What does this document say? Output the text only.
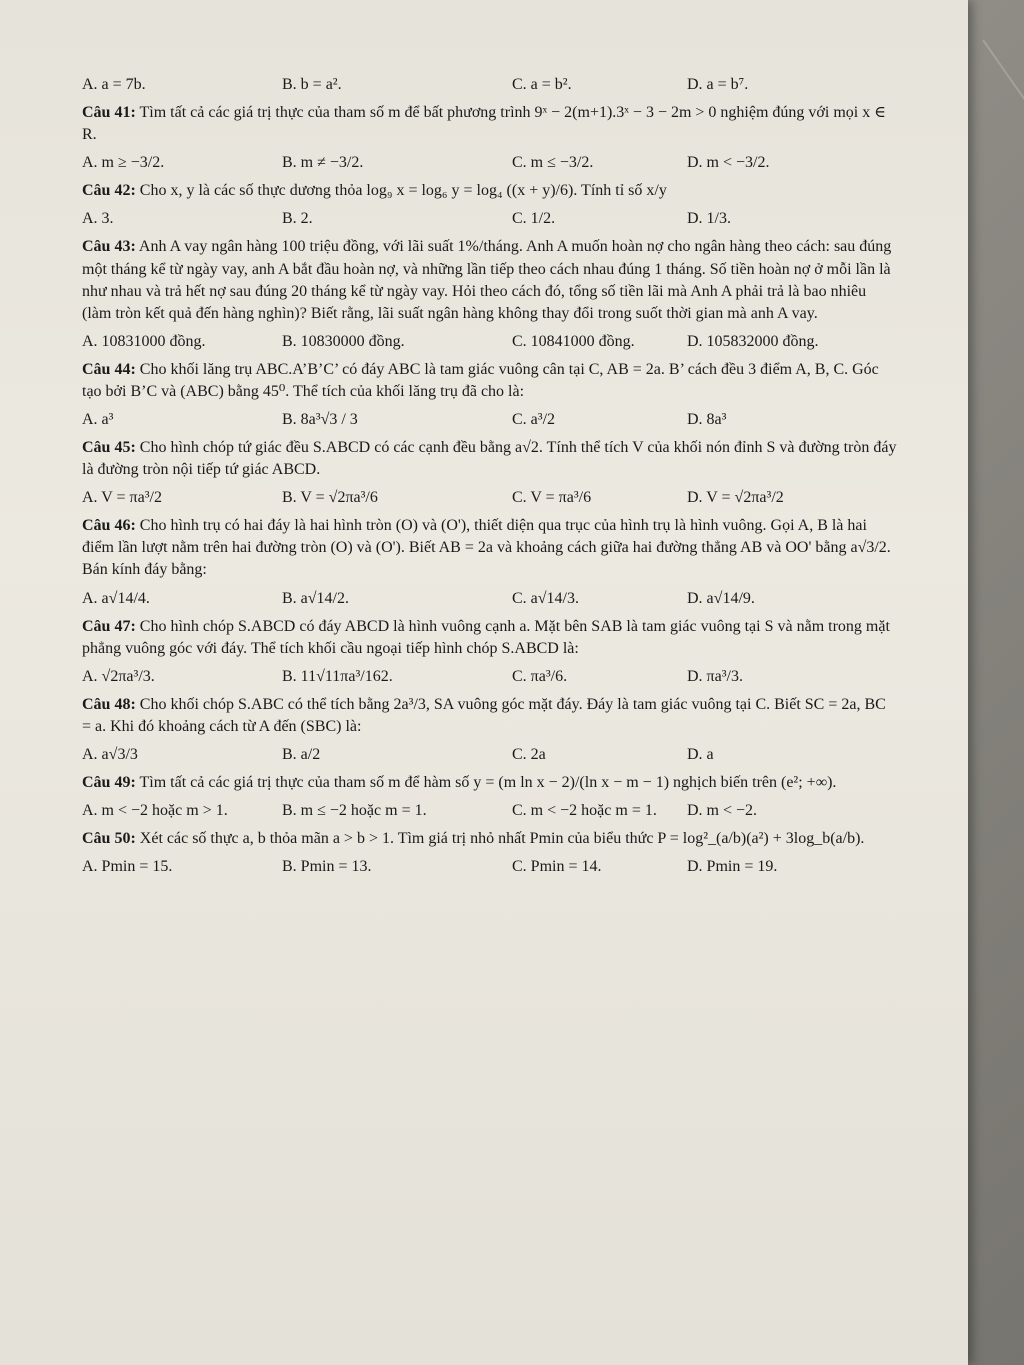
A. a = 7b.	B. b = a².	C. a = b².	D. a = b⁷.
Câu 41: Tìm tất cả các giá trị thực của tham số m để bất phương trình 9ˣ − 2(m+1).3ˣ − 3 − 2m > 0 nghiệm đúng với mọi x ∈ R.
A. m ≥ −3/2.	B. m ≠ −3/2.	C. m ≤ −3/2.	D. m < −3/2.
Câu 42: Cho x, y là các số thực dương thỏa log₉ x = log₆ y = log₄ ((x + y)/6). Tính tỉ số x/y
A. 3.	B. 2.	C. 1/2.	D. 1/3.
Câu 43: Anh A vay ngân hàng 100 triệu đồng, với lãi suất 1%/tháng. Anh A muốn hoàn nợ cho ngân hàng theo cách: sau đúng một tháng kể từ ngày vay, anh A bắt đầu hoàn nợ, và những lần tiếp theo cách nhau đúng 1 tháng. Số tiền hoàn nợ ở mỗi lần là như nhau và trả hết nợ sau đúng 20 tháng kể từ ngày vay. Hỏi theo cách đó, tổng số tiền lãi mà Anh A phải trả là bao nhiêu (làm tròn kết quả đến hàng nghìn)? Biết rằng, lãi suất ngân hàng không thay đổi trong suốt thời gian mà anh A vay.
A. 10831000 đồng.	B. 10830000 đồng.	C. 10841000 đồng.	D. 105832000 đồng.
Câu 44: Cho khối lăng trụ ABC.A’B’C’ có đáy ABC là tam giác vuông cân tại C, AB = 2a. B’ cách đều 3 điểm A, B, C. Góc tạo bởi B’C và (ABC) bằng 45⁰. Thể tích của khối lăng trụ đã cho là:
A. a³	B. 8a³√3 / 3	C. a³/2	D. 8a³
Câu 45: Cho hình chóp tứ giác đều S.ABCD có các cạnh đều bằng a√2. Tính thể tích V của khối nón đỉnh S và đường tròn đáy là đường tròn nội tiếp tứ giác ABCD.
A. V = πa³/2	B. V = √2πa³/6	C. V = πa³/6	D. V = √2πa³/2
Câu 46: Cho hình trụ có hai đáy là hai hình tròn (O) và (O'), thiết diện qua trục của hình trụ là hình vuông. Gọi A, B là hai điểm lần lượt nằm trên hai đường tròn (O) và (O'). Biết AB = 2a và khoảng cách giữa hai đường thẳng AB và OO' bằng a√3/2. Bán kính đáy bằng:
A. a√14/4.	B. a√14/2.	C. a√14/3.	D. a√14/9.
Câu 47: Cho hình chóp S.ABCD có đáy ABCD là hình vuông cạnh a. Mặt bên SAB là tam giác vuông tại S và nằm trong mặt phẳng vuông góc với đáy. Thể tích khối cầu ngoại tiếp hình chóp S.ABCD là:
A. √2πa³/3.	B. 11√11πa³/162.	C. πa³/6.	D. πa³/3.
Câu 48: Cho khối chóp S.ABC có thể tích bằng 2a³/3, SA vuông góc mặt đáy. Đáy là tam giác vuông tại C. Biết SC = 2a, BC = a. Khi đó khoảng cách từ A đến (SBC) là:
A. a√3/3	B. a/2	C. 2a	D. a
Câu 49: Tìm tất cả các giá trị thực của tham số m để hàm số y = (m ln x − 2)/(ln x − m − 1) nghịch biến trên (e²; +∞).
A. m < −2 hoặc m > 1.	B. m ≤ −2 hoặc m = 1.	C. m < −2 hoặc m = 1.	D. m < −2.
Câu 50: Xét các số thực a, b thỏa mãn a > b > 1. Tìm giá trị nhỏ nhất Pmin của biểu thức P = log²_(a/b)(a²) + 3log_b(a/b).
A. Pmin = 15.	B. Pmin = 13.	C. Pmin = 14.	D. Pmin = 19.
